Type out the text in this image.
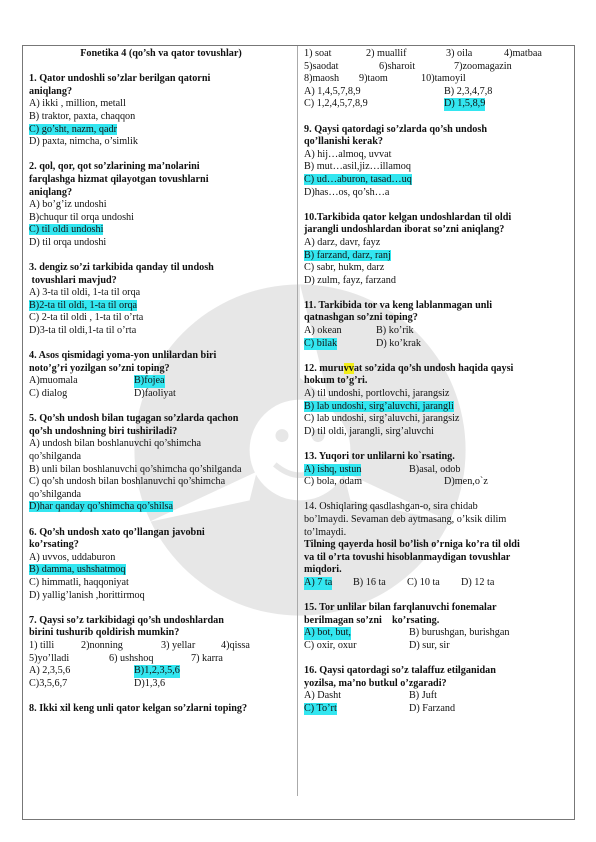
Fonetika 4 (qo’sh va qator tovushlar)
1. Qator undoshli so’zlar berilgan qatorni
aniqlang?
A) ikki , million, metall
B) traktor, paxta, chaqqon
C) go’sht, nazm, qadr
D) paxta, nimcha, o’simlik
2. qol, qor, qot so’zlarining ma’nolarini
farqlashga hizmat qilayotgan tovushlarni
aniqlang?
A) bo’g’iz undoshi
B)chuqur til orqa undoshi
C) til oldi undoshi
D) til orqa undoshi
3. dengiz so’zi tarkibida qanday til undosh
tovushlari mavjud?
A) 3-ta til oldi, 1-ta til orqa
B)2-ta til oldi, 1-ta til orqa
C) 2-ta til oldi , 1-ta til o’rta
D)3-ta til oldi,1-ta til o’rta
4. Asos qismidagi yoma-yon unlilardan biri
noto’g’ri yozilgan so’zni toping?
A)muomala	B)fojea
C) dialog	D)faoliyat
5. Qo’sh undosh bilan tugagan so’zlarda qachon
qo’sh undoshning biri tushiriladi?
A) undosh bilan boshlanuvchi qo’shimcha
qo’shilganda
B) unli bilan boshlanuvchi qo’shimcha qo’shilganda
C) qo’sh undosh bilan boshlanuvchi qo’shimcha
qo’shilganda
D)har qanday qo’shimcha qo’shilsa
6. Qo’sh undosh xato qo’llangan javobni
ko’rsating?
A) uvvos, uddaburon
B) damma, ushshatmoq
C) himmatli, haqqoniyat
D) yallig’lanish ,horittirmoq
7. Qaysi so’z tarkibidagi qo’sh undoshlardan
birini tushurib qoldirish mumkin?
1) tilli	2)nonning	3) yellar	4)qissa
5)yo’lladi	6) ushshoq	7) karra
A) 2,3,5,6	B)1,2,3,5,6
C)3,5,6,7	D)1,3,6
8. Ikki xil keng unli qator kelgan so’zlarni toping?
1) soat	2) muallif	3) oila	4)matbaa
5)saodat	6)sharoit	7)zoomagazin
8)maosh	9)taom	10)tamoyil
A) 1,4,5,7,8,9	B) 2,3,4,7,8
C) 1,2,4,5,7,8,9	D) 1,5,8,9
9. Qaysi qatordagi so’zlarda qo’sh undosh
qo’llanishi kerak?
A) hij…almoq, uvvat
B) mut…asil,jiz…illamoq
C) ud…aburon, tasad…uq
D)has…os, qo’sh…a
10.Tarkibida qator kelgan undoshlardan til oldi
jarangli undoshlardan iborat so’zni aniqlang?
A) darz, davr, fayz
B) farzand, darz, ranj
C) sabr, hukm, darz
D) zulm, fayz, farzand
11. Tarkibida tor va keng lablanmagan unli
qatnashgan so’zni toping?
A) okean	B) ko’rik
C) bilak	D) ko’krak
12. muruvvat so’zida qo’sh undosh haqida qaysi
hokum to’g’ri.
A) til undoshi, portlovchi, jarangsiz
B) lab undoshi, sirg’aluvchi, jarangli
C) lab undoshi, sirg’aluvchi, jarangsiz
D) til oldi, jarangli, sirg’aluvchi
13. Yuqori tor unlilarni ko`rsating.
A) ishq, ustun	B)asal, odob
C) bola, odam	D)men,o`z
14. Oshiqlaring qasdlashgan-o, sira chidab
bo’lmaydi. Sevaman deb aytmasang, o’ksik dilim
to’lmaydi.
Tilning qayerda hosil bo’lish o’rniga ko’ra til oldi
va til o’rta tovushi hisoblanmaydigan tovushlar
miqdori.
A) 7 ta	B) 16 ta	C) 10 ta	D) 12 ta
15. Tor unlilar bilan farqlanuvchi fonemalar
berilmagan so’zni    ko’rsating.
A) bot, but,	B) burushgan, burishgan
C) oxir, oxur	D) sur, sir
16. Qaysi qatordagi so’z talaffuz etilganidan
yozilsa, ma’no butkul o’zgaradi?
A) Dasht	B) Juft
C) To’rt	D) Farzand
